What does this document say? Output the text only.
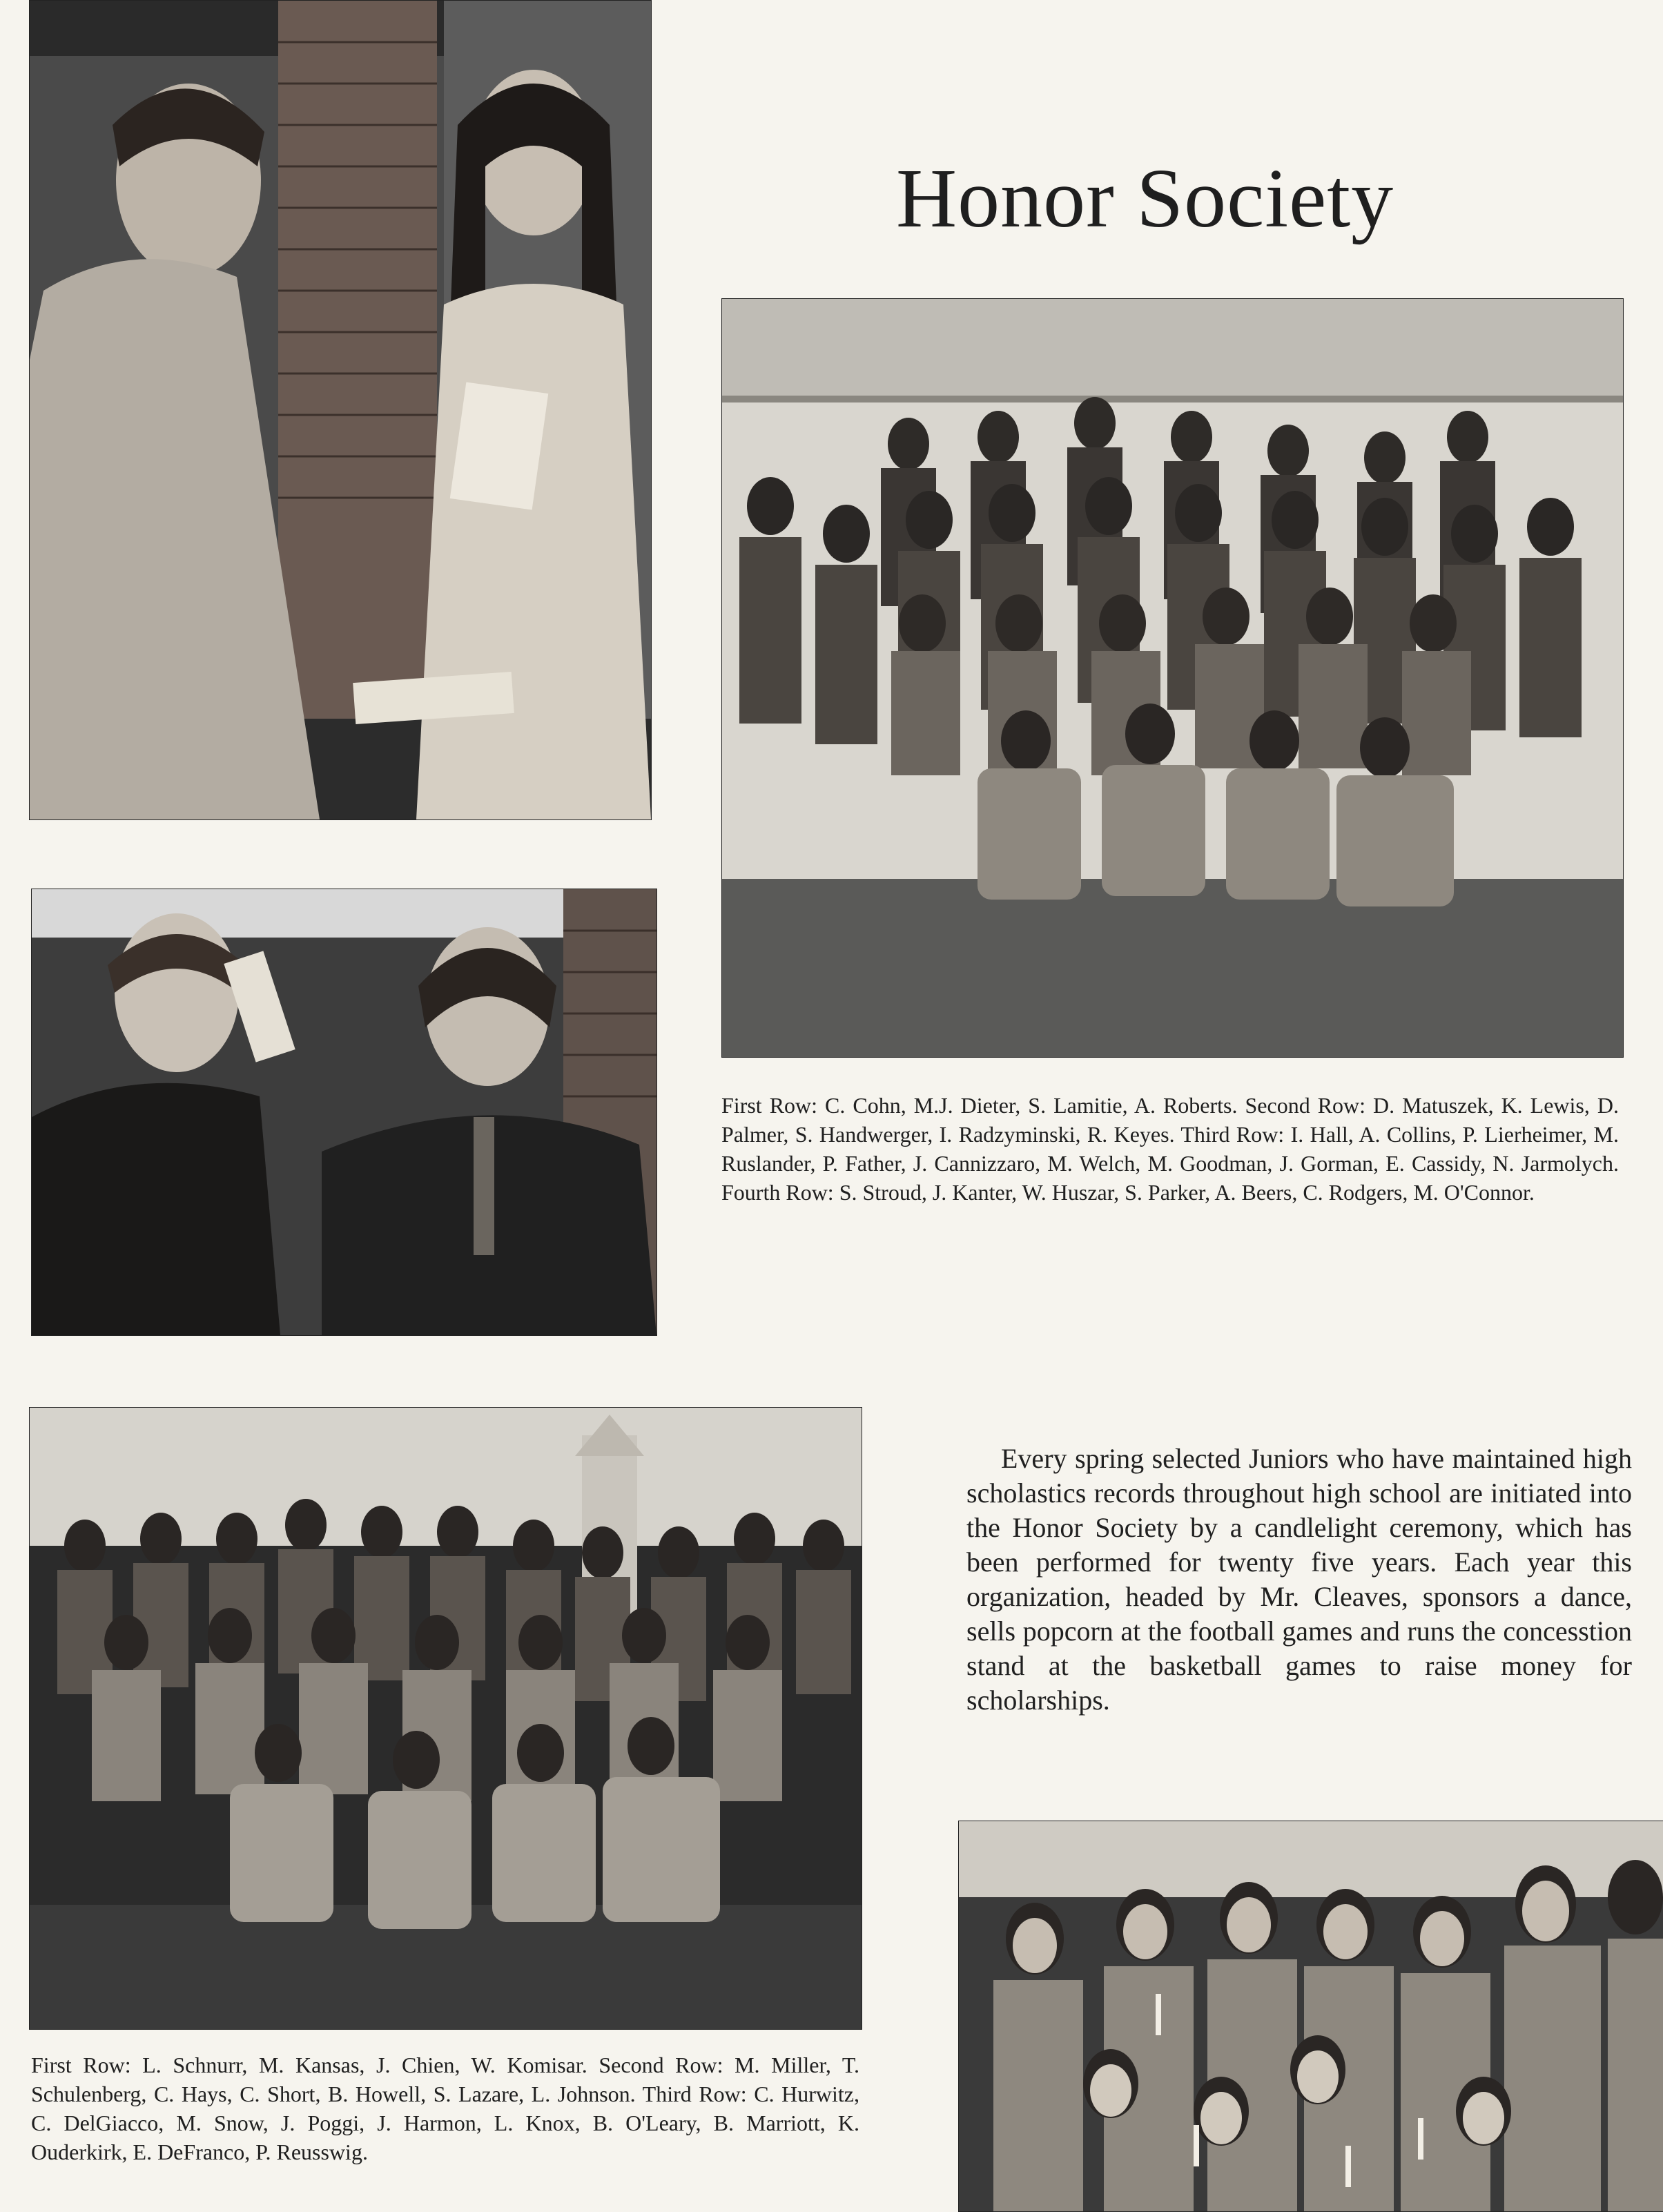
Honor Society
First Row: C. Cohn, M.J. Dieter, S. Lamitie, A. Roberts. Second Row: D. Matuszek, K. Lewis, D. Palmer, S. Handwerger, I. Radzyminski, R. Keyes. Third Row: I. Hall, A. Collins, P. Lierheimer, M. Ruslander, P. Father, J. Cannizzaro, M. Welch, M. Goodman, J. Gorman, E. Cassidy, N. Jarmolych. Fourth Row: S. Stroud, J. Kanter, W. Huszar, S. Parker, A. Beers, C. Rodgers, M. O'Connor.
First Row: L. Schnurr, M. Kansas, J. Chien, W. Komisar. Second Row: M. Miller, T. Schulenberg, C. Hays, C. Short, B. Howell, S. Lazare, L. Johnson. Third Row: C. Hurwitz, C. DelGiacco, M. Snow, J. Poggi, J. Harmon, L. Knox, B. O'Leary, B. Marriott, K. Ouderkirk, E. DeFranco, P. Reusswig.
Every spring selected Juniors who have maintained high scholastics records throughout high school are initiated into the Honor Society by a candlelight ceremony, which has been performed for twenty five years. Each year this organization, headed by Mr. Cleaves, sponsors a dance, sells popcorn at the football games and runs the concesstion stand at the basketball games to raise money for scholarships.
